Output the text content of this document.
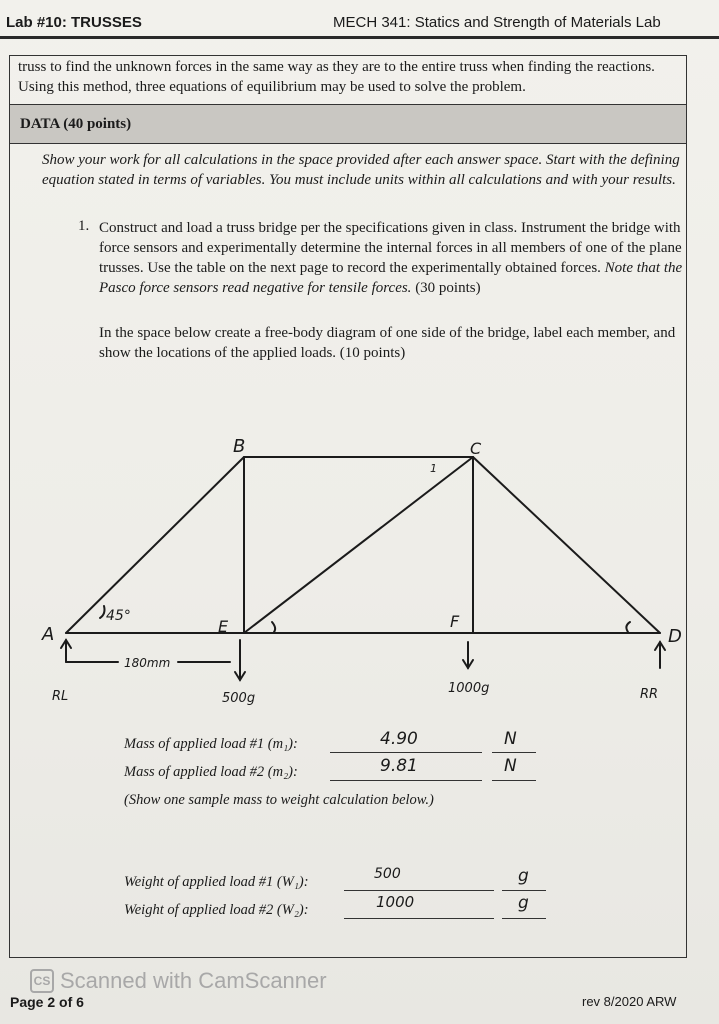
Lab #10: TRUSSES	MECH 341: Statics and Strength of Materials Lab
truss to find the unknown forces in the same way as they are to the entire truss when finding the reactions. Using this method, three equations of equilibrium may be used to solve the problem.
DATA (40 points)
Show your work for all calculations in the space provided after each answer space. Start with the defining equation stated in terms of variables. You must include units within all calculations and with your results.
1. Construct and load a truss bridge per the specifications given in class. Instrument the bridge with force sensors and experimentally determine the internal forces in all members of one of the plane trusses. Use the table on the next page to record the experimentally obtained forces. Note that the Pasco force sensors read negative for tensile forces. (30 points)
In the space below create a free-body diagram of one side of the bridge, label each member, and show the locations of the applied loads. (10 points)
B	C
A	D
E	F
45°
180mm
500g
1000g
RL	RR
1
Mass of applied load #1 (m₁):	4.90	N
Mass of applied load #2 (m₂):	9.81	N
(Show one sample mass to weight calculation below.)
Weight of applied load #1 (W₁):	500	g
Weight of applied load #2 (W₂):	1000	g
CS Scanned with CamScanner
Page 2 of 6	rev 8/2020 ARW
